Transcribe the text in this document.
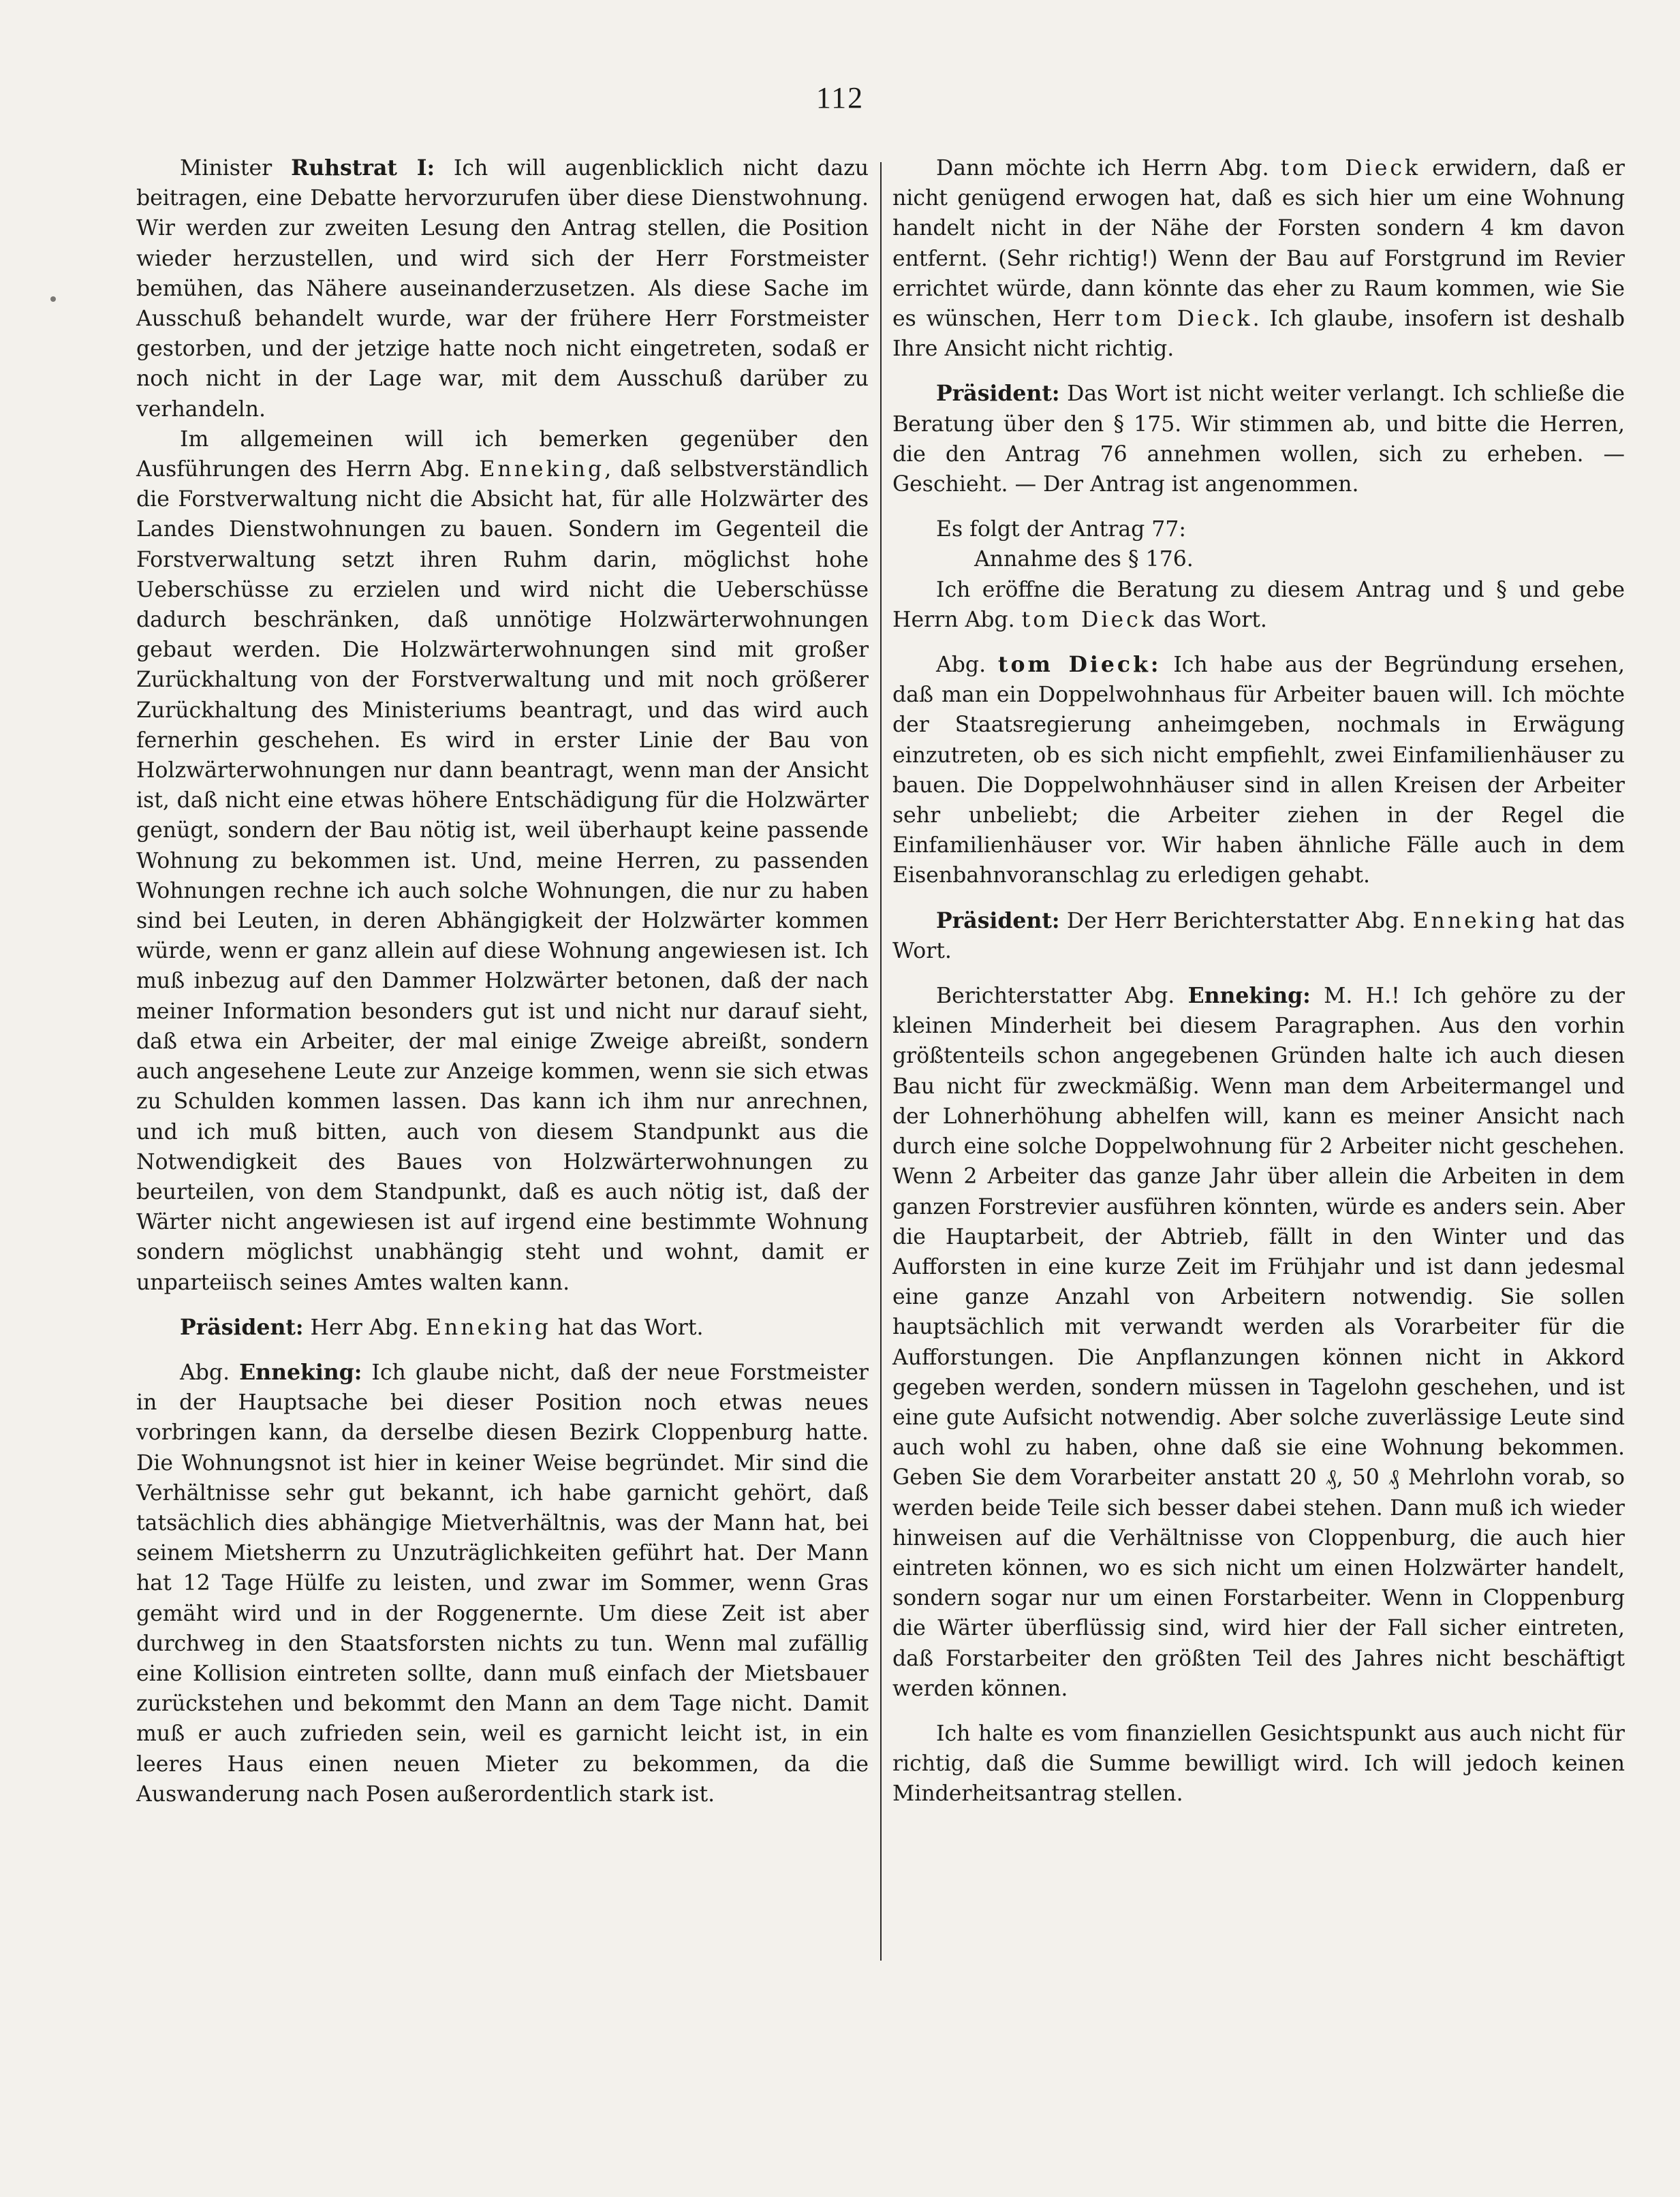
112

Minister Ruhstrat I: Ich will augenblicklich nicht dazu beitragen, eine Debatte hervorzurufen über diese Dienstwohnung. Wir werden zur zweiten Lesung den Antrag stellen, die Position wieder herzustellen, und wird sich der Herr Forstmeister bemühen, das Nähere auseinanderzusetzen. Als diese Sache im Ausschuß behandelt wurde, war der frühere Herr Forstmeister gestorben, und der jetzige hatte noch nicht eingetreten, sodaß er noch nicht in der Lage war, mit dem Ausschuß darüber zu verhandeln.

Im allgemeinen will ich bemerken gegenüber den Ausführungen des Herrn Abg. Enneking, daß selbstverständlich die Forstverwaltung nicht die Absicht hat, für alle Holzwärter des Landes Dienstwohnungen zu bauen. Sondern im Gegenteil die Forstverwaltung setzt ihren Ruhm darin, möglichst hohe Ueberschüsse zu erzielen und wird nicht die Ueberschüsse dadurch beschränken, daß unnötige Holzwärterwohnungen gebaut werden. Die Holzwärterwohnungen sind mit großer Zurückhaltung von der Forstverwaltung und mit noch größerer Zurückhaltung des Ministeriums beantragt, und das wird auch fernerhin geschehen. Es wird in erster Linie der Bau von Holzwärterwohnungen nur dann beantragt, wenn man der Ansicht ist, daß nicht eine etwas höhere Entschädigung für die Holzwärter genügt, sondern der Bau nötig ist, weil überhaupt keine passende Wohnung zu bekommen ist. Und, meine Herren, zu passenden Wohnungen rechne ich auch solche Wohnungen, die nur zu haben sind bei Leuten, in deren Abhängigkeit der Holzwärter kommen würde, wenn er ganz allein auf diese Wohnung angewiesen ist. Ich muß inbezug auf den Dammer Holzwärter betonen, daß der nach meiner Information besonders gut ist und nicht nur darauf sieht, daß etwa ein Arbeiter, der mal einige Zweige abreißt, sondern auch angesehene Leute zur Anzeige kommen, wenn sie sich etwas zu Schulden kommen lassen. Das kann ich ihm nur anrechnen, und ich muß bitten, auch von diesem Standpunkt aus die Notwendigkeit des Baues von Holzwärterwohnungen zu beurteilen, von dem Standpunkt, daß es auch nötig ist, daß der Wärter nicht angewiesen ist auf irgend eine bestimmte Wohnung sondern möglichst unabhängig steht und wohnt, damit er unparteiisch seines Amtes walten kann.

Präsident: Herr Abg. Enneking hat das Wort.

Abg. Enneking: Ich glaube nicht, daß der neue Forstmeister in der Hauptsache bei dieser Position noch etwas neues vorbringen kann, da derselbe diesen Bezirk Cloppenburg hatte. Die Wohnungsnot ist hier in keiner Weise begründet. Mir sind die Verhältnisse sehr gut bekannt, ich habe garnicht gehört, daß tatsächlich dies abhängige Mietverhältnis, was der Mann hat, bei seinem Mietsherrn zu Unzuträglichkeiten geführt hat. Der Mann hat 12 Tage Hülfe zu leisten, und zwar im Sommer, wenn Gras gemäht wird und in der Roggenernte. Um diese Zeit ist aber durchweg in den Staatsforsten nichts zu tun. Wenn mal zufällig eine Kollision eintreten sollte, dann muß einfach der Mietsbauer zurückstehen und bekommt den Mann an dem Tage nicht. Damit muß er auch zufrieden sein, weil es garnicht leicht ist, in ein leeres Haus einen neuen Mieter zu bekommen, da die Auswanderung nach Posen außerordentlich stark ist.

Dann möchte ich Herrn Abg. tom Dieck erwidern, daß er nicht genügend erwogen hat, daß es sich hier um eine Wohnung handelt nicht in der Nähe der Forsten sondern 4 km davon entfernt. (Sehr richtig!) Wenn der Bau auf Forstgrund im Revier errichtet würde, dann könnte das eher zu Raum kommen, wie Sie es wünschen, Herr tom Dieck. Ich glaube, insofern ist deshalb Ihre Ansicht nicht richtig.

Präsident: Das Wort ist nicht weiter verlangt. Ich schließe die Beratung über den § 175. Wir stimmen ab, und bitte die Herren, die den Antrag 76 annehmen wollen, sich zu erheben. — Geschieht. — Der Antrag ist angenommen.

Es folgt der Antrag 77:

Annahme des § 176.

Ich eröffne die Beratung zu diesem Antrag und § und gebe Herrn Abg. tom Dieck das Wort.

Abg. tom Dieck: Ich habe aus der Begründung ersehen, daß man ein Doppelwohnhaus für Arbeiter bauen will. Ich möchte der Staatsregierung anheimgeben, nochmals in Erwägung einzutreten, ob es sich nicht empfiehlt, zwei Einfamilienhäuser zu bauen. Die Doppelwohnhäuser sind in allen Kreisen der Arbeiter sehr unbeliebt; die Arbeiter ziehen in der Regel die Einfamilienhäuser vor. Wir haben ähnliche Fälle auch in dem Eisenbahnvoranschlag zu erledigen gehabt.

Präsident: Der Herr Berichterstatter Abg. Enneking hat das Wort.

Berichterstatter Abg. Enneking: M. H.! Ich gehöre zu der kleinen Minderheit bei diesem Paragraphen. Aus den vorhin größtenteils schon angegebenen Gründen halte ich auch diesen Bau nicht für zweckmäßig. Wenn man dem Arbeitermangel und der Lohnerhöhung abhelfen will, kann es meiner Ansicht nach durch eine solche Doppelwohnung für 2 Arbeiter nicht geschehen. Wenn 2 Arbeiter das ganze Jahr über allein die Arbeiten in dem ganzen Forstrevier ausführen könnten, würde es anders sein. Aber die Hauptarbeit, der Abtrieb, fällt in den Winter und das Aufforsten in eine kurze Zeit im Frühjahr und ist dann jedesmal eine ganze Anzahl von Arbeitern notwendig. Sie sollen hauptsächlich mit verwandt werden als Vorarbeiter für die Aufforstungen. Die Anpflanzungen können nicht in Akkord gegeben werden, sondern müssen in Tagelohn geschehen, und ist eine gute Aufsicht notwendig. Aber solche zuverlässige Leute sind auch wohl zu haben, ohne daß sie eine Wohnung bekommen. Geben Sie dem Vorarbeiter anstatt 20 ₰, 50 ₰ Mehrlohn vorab, so werden beide Teile sich besser dabei stehen. Dann muß ich wieder hinweisen auf die Verhältnisse von Cloppenburg, die auch hier eintreten können, wo es sich nicht um einen Holzwärter handelt, sondern sogar nur um einen Forstarbeiter. Wenn in Cloppenburg die Wärter überflüssig sind, wird hier der Fall sicher eintreten, daß Forstarbeiter den größten Teil des Jahres nicht beschäftigt werden können.

Ich halte es vom finanziellen Gesichtspunkt aus auch nicht für richtig, daß die Summe bewilligt wird. Ich will jedoch keinen Minderheitsantrag stellen.
